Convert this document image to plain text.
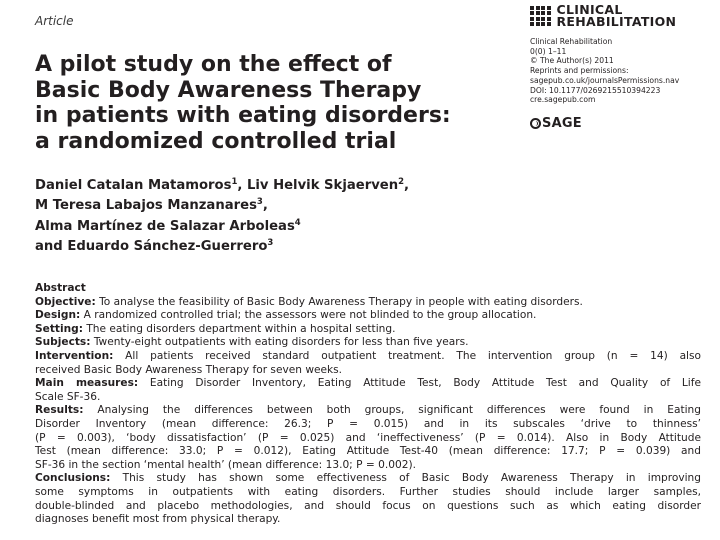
Article
CLINICAL
REHABILITATION
Clinical Rehabilitation
0(0) 1–11
© The Author(s) 2011
Reprints and permissions:
sagepub.co.uk/journalsPermissions.nav
DOI: 10.1177/0269215510394223
cre.sagepub.com
SAGE
A pilot study on the effect of
Basic Body Awareness Therapy
in patients with eating disorders:
a randomized controlled trial
Daniel Catalan Matamoros$^1$, Liv Helvik Skjaerven$^2$,
M Teresa Labajos Manzanares$^3$,
Alma Martínez de Salazar Arboleas$^4$
and Eduardo Sánchez-Guerrero$^3$
Abstract
Objective: To analyse the feasibility of Basic Body Awareness Therapy in people with eating disorders.
Design: A randomized controlled trial; the assessors were not blinded to the group allocation.
Setting: The eating disorders department within a hospital setting.
Subjects: Twenty-eight outpatients with eating disorders for less than five years.
Intervention: All patients received standard outpatient treatment. The intervention group (n = 14) also
received Basic Body Awareness Therapy for seven weeks.
Main measures: Eating Disorder Inventory, Eating Attitude Test, Body Attitude Test and Quality of Life
Scale SF-36.
Results: Analysing the differences between both groups, significant differences were found in Eating
Disorder Inventory (mean difference: 26.3; P = 0.015) and in its subscales ‘drive to thinness’
(P = 0.003), ‘body dissatisfaction’ (P = 0.025) and ‘ineffectiveness’ (P = 0.014). Also in Body Attitude
Test (mean difference: 33.0; P = 0.012), Eating Attitude Test-40 (mean difference: 17.7; P = 0.039) and
SF-36 in the section ‘mental health’ (mean difference: 13.0; P = 0.002).
Conclusions: This study has shown some effectiveness of Basic Body Awareness Therapy in improving
some symptoms in outpatients with eating disorders. Further studies should include larger samples,
double-blinded and placebo methodologies, and should focus on questions such as which eating disorder
diagnoses benefit most from physical therapy.
